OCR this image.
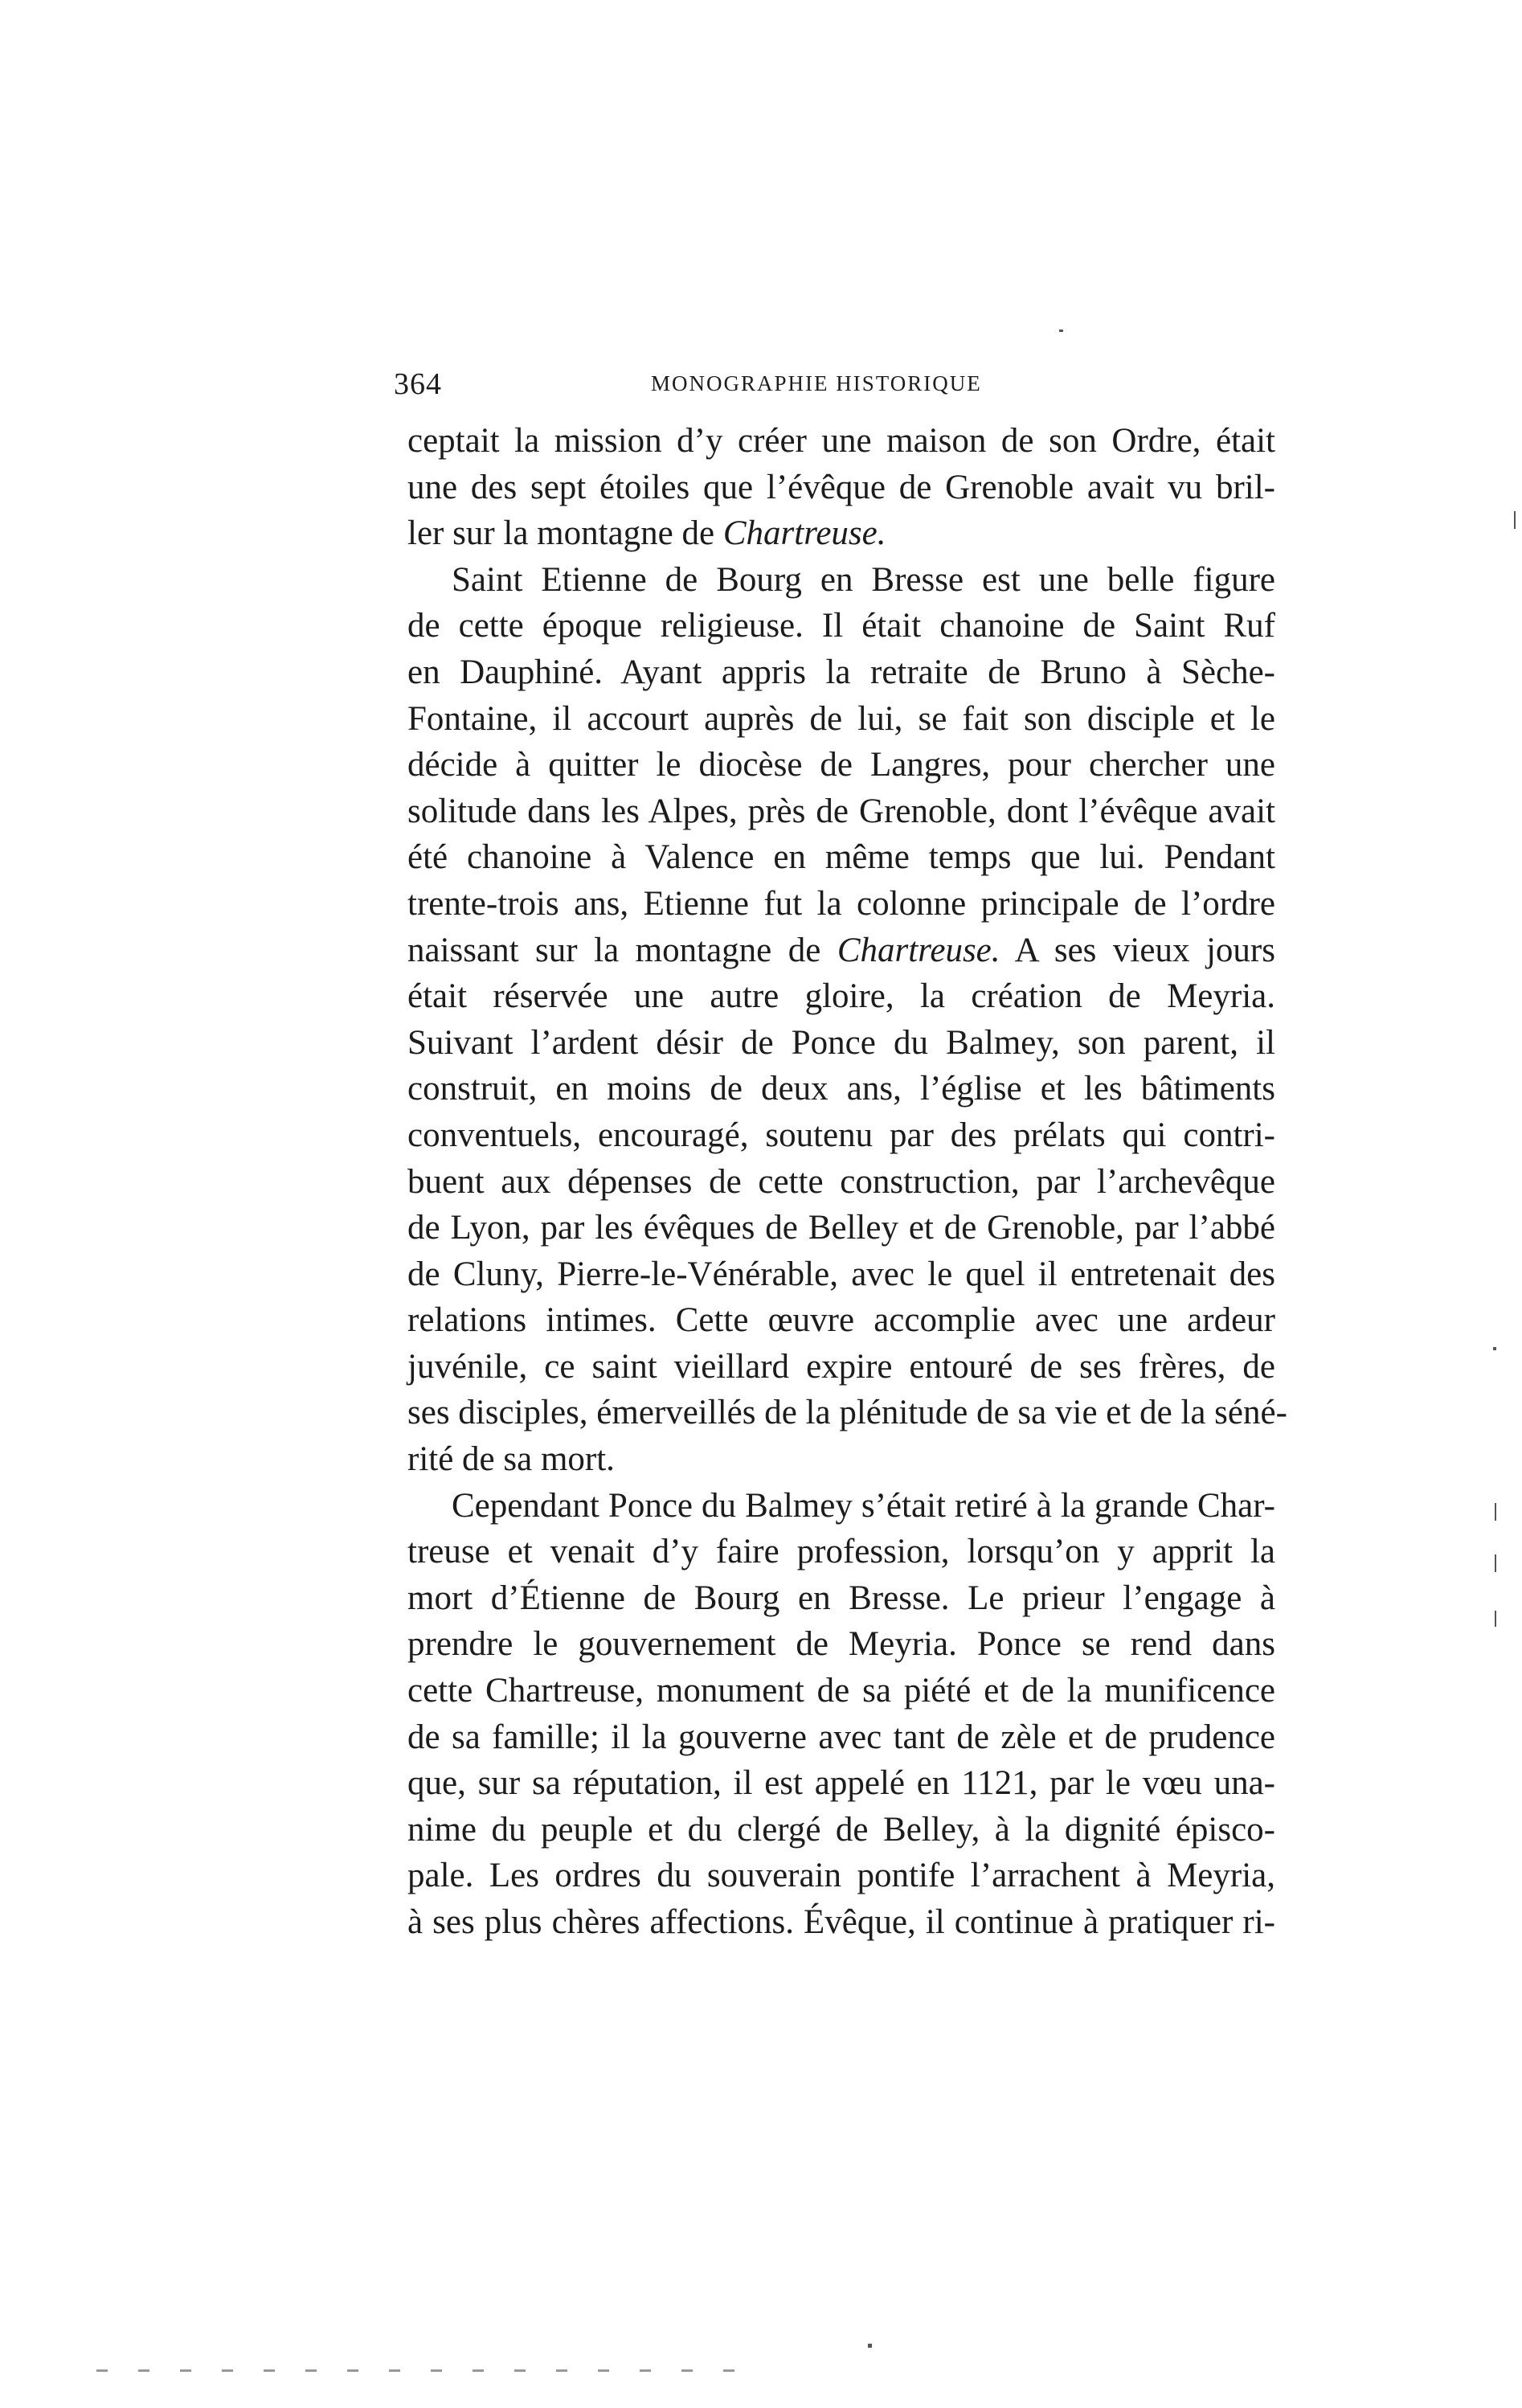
364	MONOGRAPHIE HISTORIQUE
ceptait la mission d’y créer une maison de son Ordre, était
une des sept étoiles que l’évêque de Grenoble avait vu bril-
ler sur la montagne de Chartreuse.
Saint Etienne de Bourg en Bresse est une belle figure
de cette époque religieuse. Il était chanoine de Saint Ruf
en Dauphiné. Ayant appris la retraite de Bruno à Sèche-
Fontaine, il accourt auprès de lui, se fait son disciple et le
décide à quitter le diocèse de Langres, pour chercher une
solitude dans les Alpes, près de Grenoble, dont l’évêque avait
été chanoine à Valence en même temps que lui. Pendant
trente-trois ans, Etienne fut la colonne principale de l’ordre
naissant sur la montagne de Chartreuse. A ses vieux jours
était réservée une autre gloire, la création de Meyria.
Suivant l’ardent désir de Ponce du Balmey, son parent, il
construit, en moins de deux ans, l’église et les bâtiments
conventuels, encouragé, soutenu par des prélats qui contri-
buent aux dépenses de cette construction, par l’archevêque
de Lyon, par les évêques de Belley et de Grenoble, par l’abbé
de Cluny, Pierre-le-Vénérable, avec le quel il entretenait des
relations intimes. Cette œuvre accomplie avec une ardeur
juvénile, ce saint vieillard expire entouré de ses frères, de
ses disciples, émerveillés de la plénitude de sa vie et de la séné-
rité de sa mort.
Cependant Ponce du Balmey s’était retiré à la grande Char-
treuse et venait d’y faire profession, lorsqu’on y apprit la
mort d’Étienne de Bourg en Bresse. Le prieur l’engage à
prendre le gouvernement de Meyria. Ponce se rend dans
cette Chartreuse, monument de sa piété et de la munificence
de sa famille; il la gouverne avec tant de zèle et de prudence
que, sur sa réputation, il est appelé en 1121, par le vœu una-
nime du peuple et du clergé de Belley, à la dignité épisco-
pale. Les ordres du souverain pontife l’arrachent à Meyria,
à ses plus chères affections. Évêque, il continue à pratiquer ri-
